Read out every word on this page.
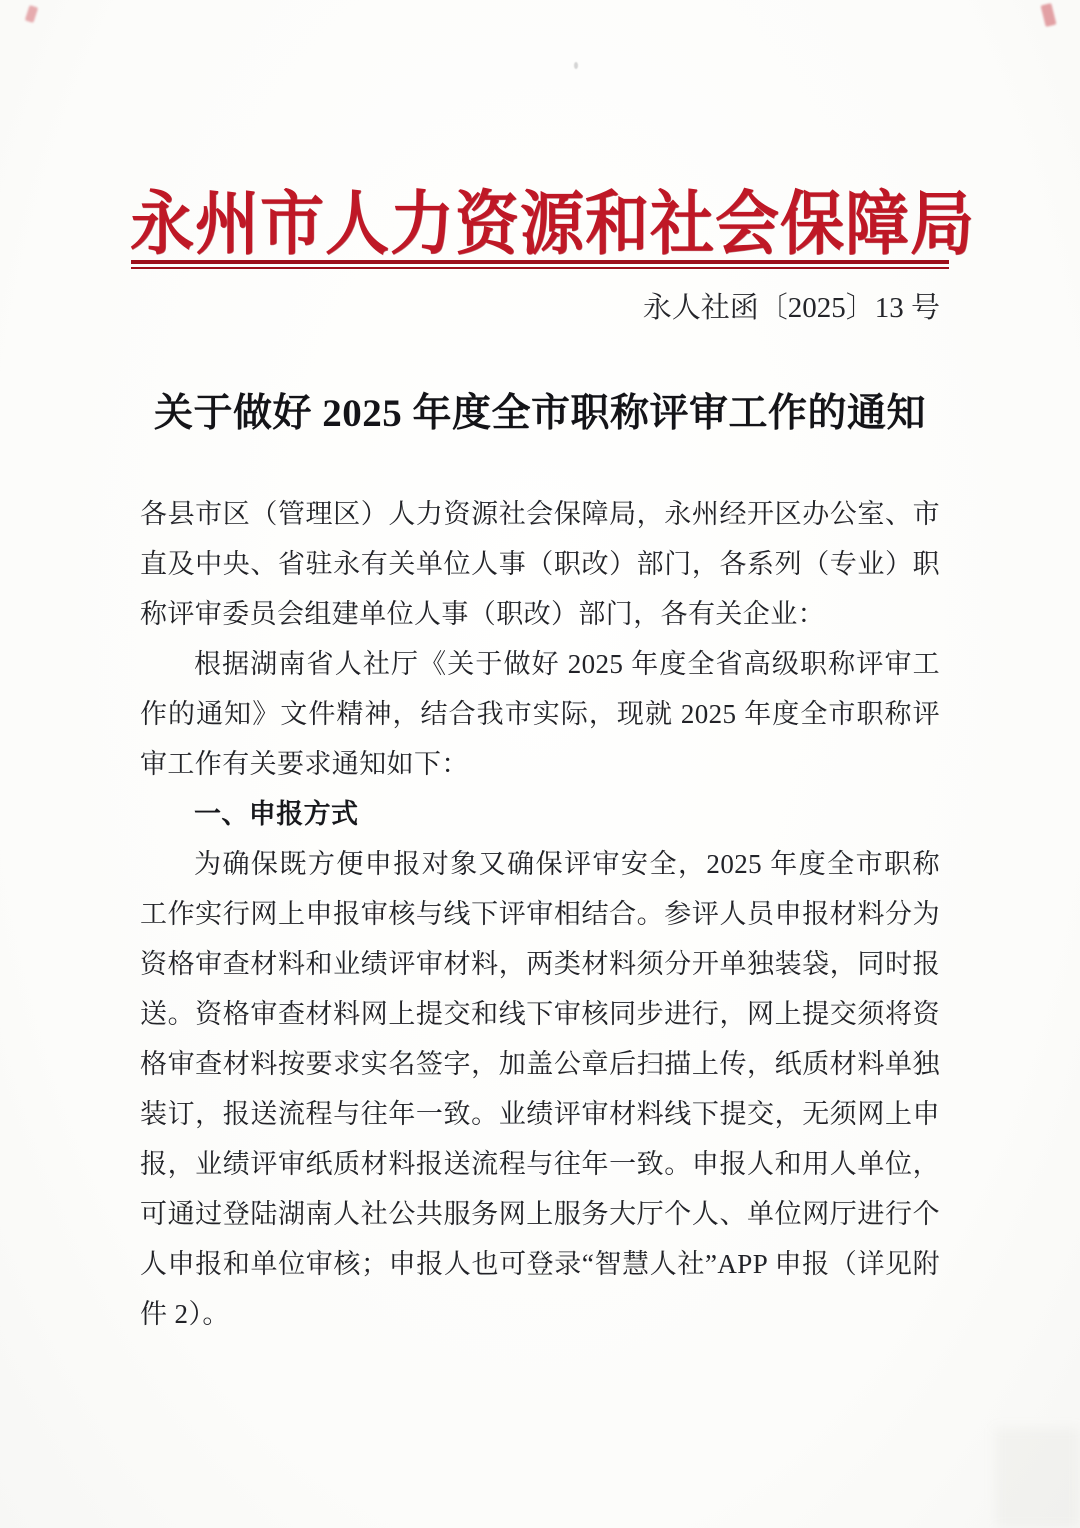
永州市人力资源和社会保障局
永人社函〔2025〕13 号
关于做好 2025 年度全市职称评审工作的通知

各县市区（管理区）人力资源社会保障局，永州经开区办公室、市直及中央、省驻永有关单位人事（职改）部门，各系列（专业）职称评审委员会组建单位人事（职改）部门，各有关企业：

根据湖南省人社厅《关于做好 2025 年度全省高级职称评审工作的通知》文件精神，结合我市实际，现就 2025 年度全市职称评审工作有关要求通知如下：

一、申报方式

为确保既方便申报对象又确保评审安全，2025 年度全市职称工作实行网上申报审核与线下评审相结合。参评人员申报材料分为资格审查材料和业绩评审材料，两类材料须分开单独装袋，同时报送。资格审查材料网上提交和线下审核同步进行，网上提交须将资格审查材料按要求实名签字，加盖公章后扫描上传，纸质材料单独装订，报送流程与往年一致。业绩评审材料线下提交，无须网上申报，业绩评审纸质材料报送流程与往年一致。申报人和用人单位，可通过登陆湖南人社公共服务网上服务大厅个人、单位网厅进行个人申报和单位审核；申报人也可登录“智慧人社”APP 申报（详见附件 2）。
